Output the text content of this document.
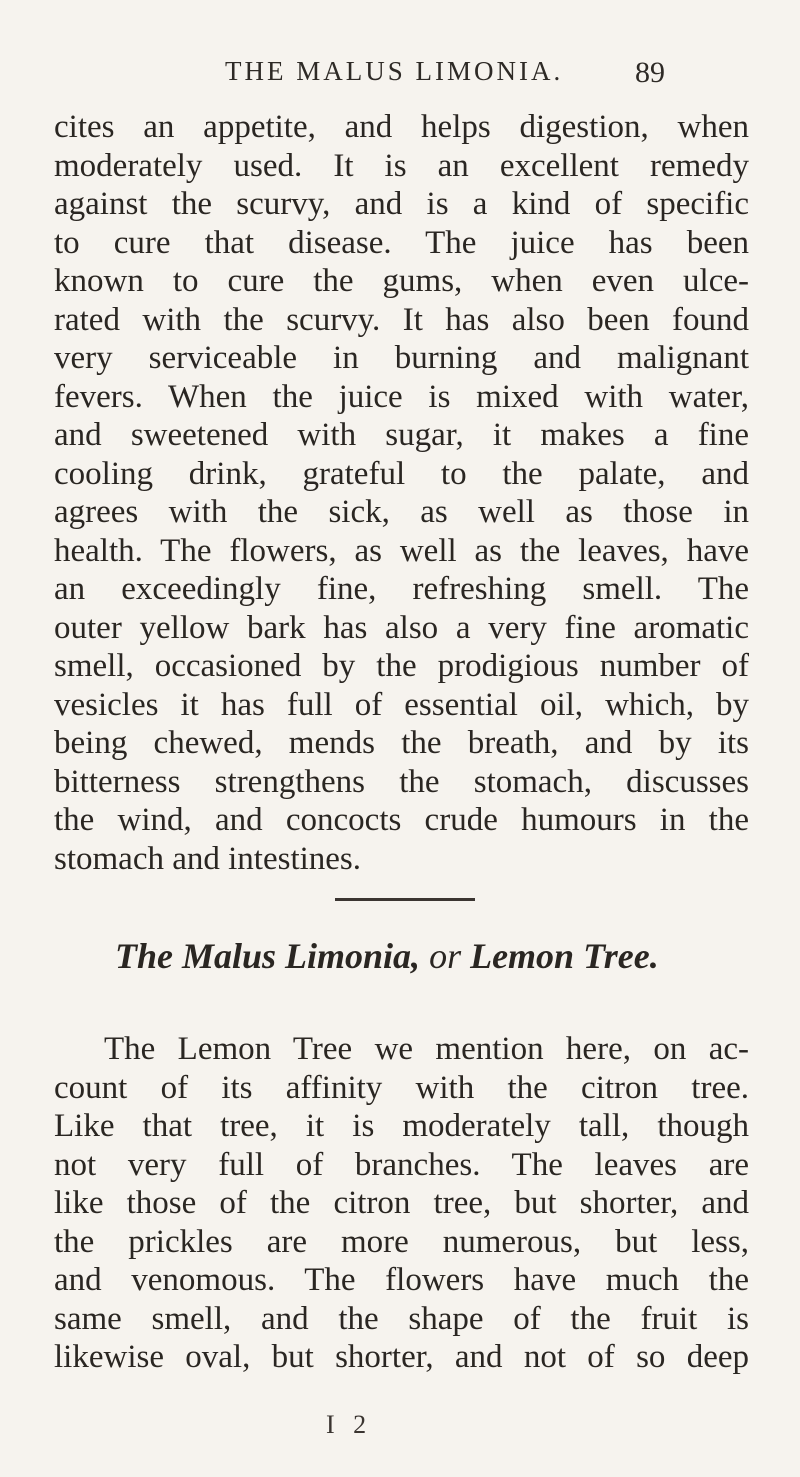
THE MALUS LIMONIA. 89
cites an appetite, and helps digestion, when
moderately used. It is an excellent remedy
against the scurvy, and is a kind of specific
to cure that disease. The juice has been
known to cure the gums, when even ulce-
rated with the scurvy. It has also been found
very serviceable in burning and malignant
fevers. When the juice is mixed with water,
and sweetened with sugar, it makes a fine
cooling drink, grateful to the palate, and
agrees with the sick, as well as those in
health. The flowers, as well as the leaves, have
an exceedingly fine, refreshing smell. The
outer yellow bark has also a very fine aromatic
smell, occasioned by the prodigious number of
vesicles it has full of essential oil, which, by
being chewed, mends the breath, and by its
bitterness strengthens the stomach, discusses
the wind, and concocts crude humours in the
stomach and intestines.
The Malus Limonia, or Lemon Tree.
The Lemon Tree we mention here, on ac-
count of its affinity with the citron tree.
Like that tree, it is moderately tall, though
not very full of branches. The leaves are
like those of the citron tree, but shorter, and
the prickles are more numerous, but less,
and venomous. The flowers have much the
same smell, and the shape of the fruit is
likewise oval, but shorter, and not of so deep
I 2
